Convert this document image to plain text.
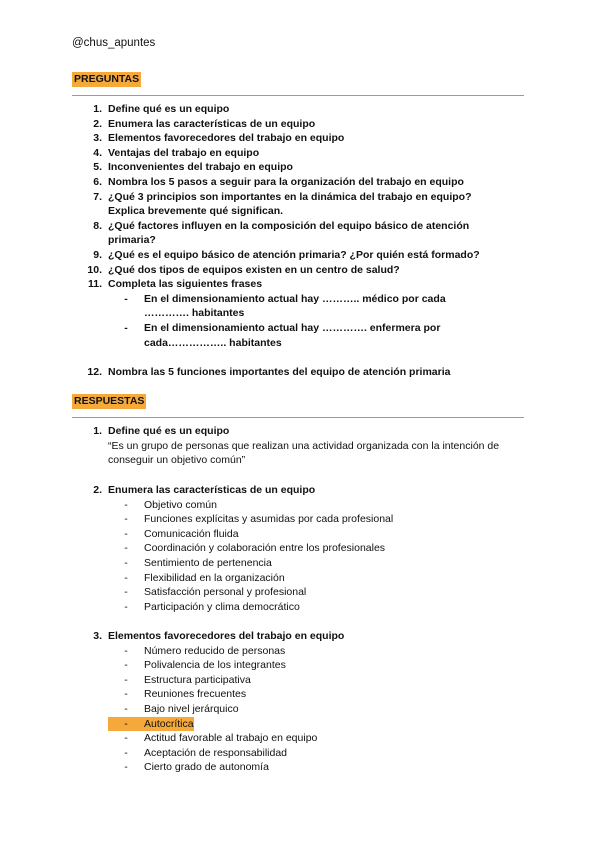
@chus_apuntes
PREGUNTAS
1. Define qué es un equipo
2. Enumera las características de un equipo
3. Elementos favorecedores del trabajo en equipo
4. Ventajas del trabajo en equipo
5. Inconvenientes del trabajo en equipo
6. Nombra los 5 pasos a seguir para la organización del trabajo en equipo
7. ¿Qué 3 principios son importantes en la dinámica del trabajo en equipo? Explica brevemente qué significan.
8. ¿Qué factores influyen en la composición del equipo básico de atención primaria?
9. ¿Qué es el equipo básico de atención primaria? ¿Por quién está formado?
10. ¿Qué dos tipos de equipos existen en un centro de salud?
11. Completa las siguientes frases
- En el dimensionamiento actual hay ……….. médico por cada …………. habitantes
- En el dimensionamiento actual hay …………. enfermera por cada…………….. habitantes
12. Nombra las 5 funciones importantes del equipo de atención primaria
RESPUESTAS
1. Define qué es un equipo
“Es un grupo de personas que realizan una actividad organizada con la intención de conseguir un objetivo común”
2. Enumera las características de un equipo
- Objetivo común
- Funciones explícitas y asumidas por cada profesional
- Comunicación fluida
- Coordinación y colaboración entre los profesionales
- Sentimiento de pertenencia
- Flexibilidad en la organización
- Satisfacción personal y profesional
- Participación y clima democrático
3. Elementos favorecedores del trabajo en equipo
- Número reducido de personas
- Polivalencia de los integrantes
- Estructura participativa
- Reuniones frecuentes
- Bajo nivel jerárquico
- Autocrítica
- Actitud favorable al trabajo en equipo
- Aceptación de responsabilidad
- Cierto grado de autonomía
